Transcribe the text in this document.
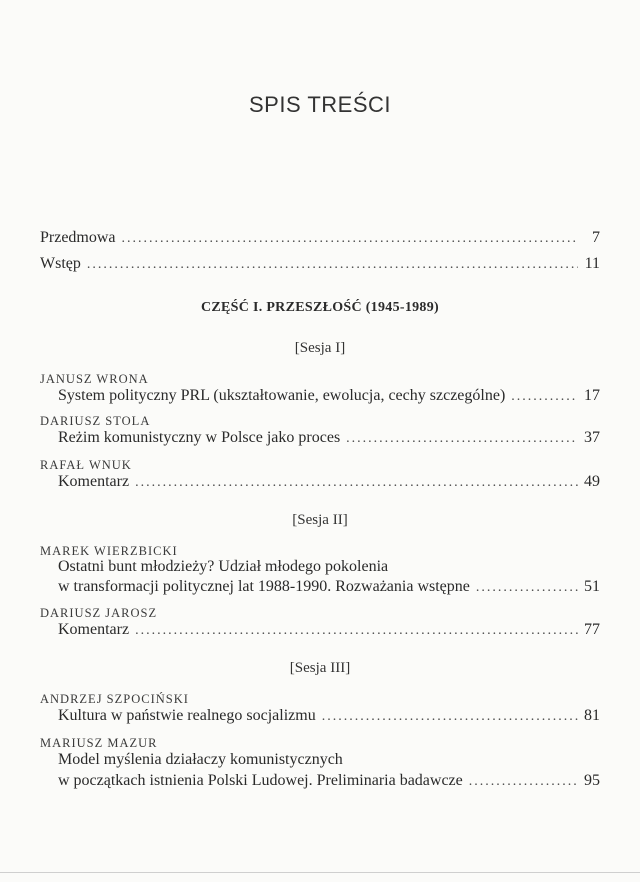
SPIS TREŚCI
Przedmowa .....	7
Wstęp .....	11
CZĘŚĆ I. PRZESZŁOŚĆ (1945-1989)
[Sesja I]
JANUSZ WRONA
System polityczny PRL (ukształtowanie, ewolucja, cechy szczególne) .....	17
DARIUSZ STOLA
Reżim komunistyczny w Polsce jako proces .....	37
RAFAŁ WNUK
Komentarz .....	49
[Sesja II]
MAREK WIERZBICKI
Ostatni bunt młodzieży? Udział młodego pokolenia
w transformacji politycznej lat 1988-1990. Rozważania wstępne .....	51
DARIUSZ JAROSZ
Komentarz .....	77
[Sesja III]
ANDRZEJ SZPOCIŃSKI
Kultura w państwie realnego socjalizmu .....	81
MARIUSZ MAZUR
Model myślenia działaczy komunistycznych
w początkach istnienia Polski Ludowej. Preliminaria badawcze .....	95
